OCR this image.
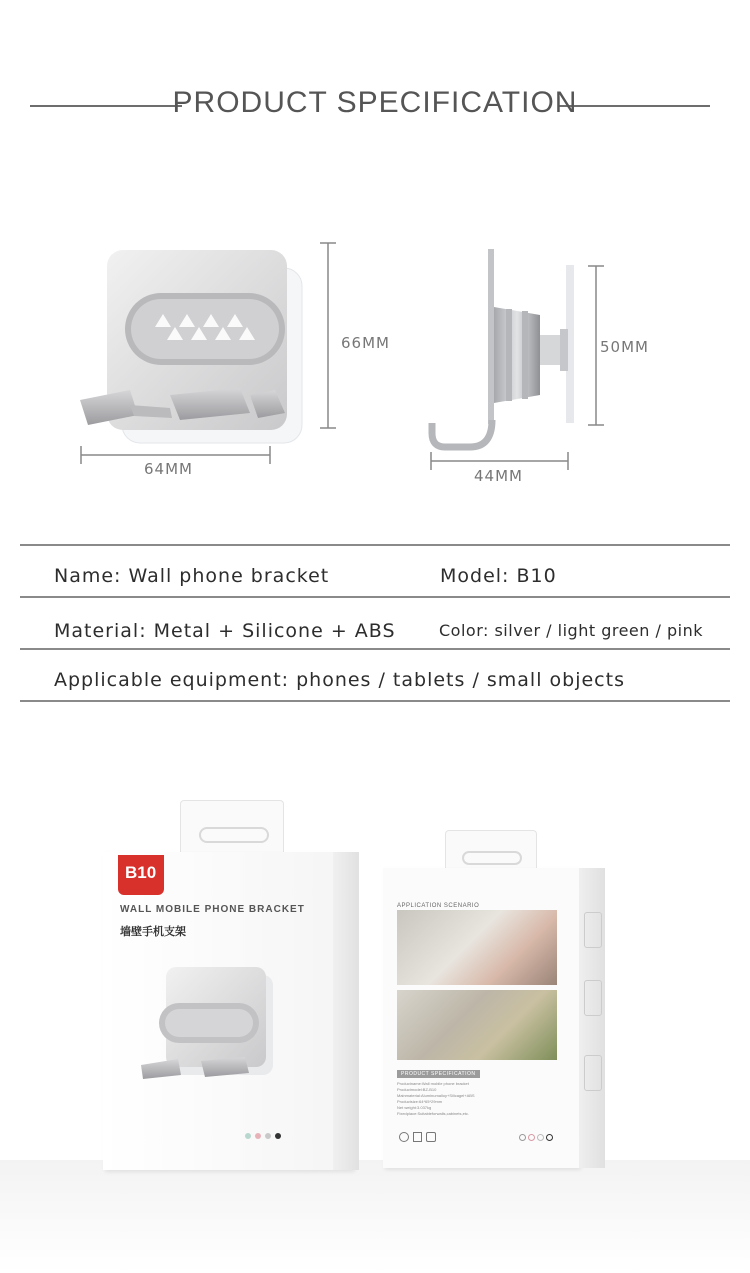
PRODUCT SPECIFICATION
66MM
64MM
50MM
44MM
Name: Wall phone bracket	Model: B10
Material: Metal + Silicone + ABS	Color: silver / light green / pink
Applicable equipment: phones / tablets / small objects
B10
WALL MOBILE PHONE BRACKET
墙壁手机支架
APPLICATION SCENARIO
PRODUCT SPECIFICATION
Productname:Wall mobile phone bracket
Productmodel:BZ-B10
Mainmaterial:Aluminumalloy+Silicagel+ABS
Productsize:64*65*29mm
Net weight:3.037kg
Fixedplace:Suitableforwalls,cabinets,etc.
